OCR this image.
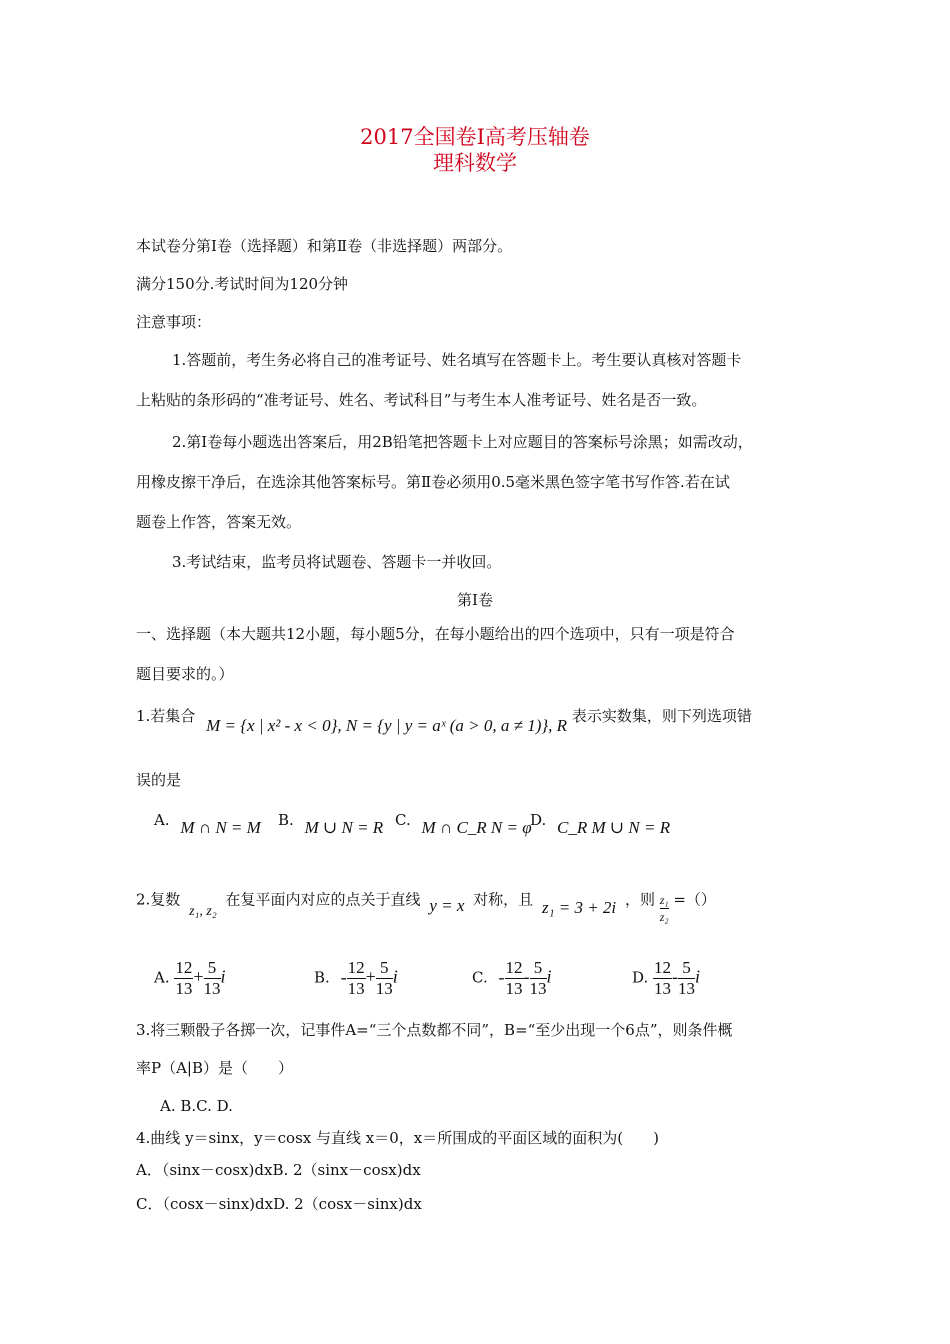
2017全国卷Ⅰ高考压轴卷
理科数学
本试卷分第Ⅰ卷（选择题）和第Ⅱ卷（非选择题）两部分。
满分150分.考试时间为120分钟
注意事项：
1.答题前，考生务必将自己的准考证号、姓名填写在答题卡上。考生要认真核对答题卡
上粘贴的条形码的“准考证号、姓名、考试科目”与考生本人准考证号、姓名是否一致。
2.第Ⅰ卷每小题选出答案后，用2B铅笔把答题卡上对应题目的答案标号涂黑；如需改动，
用橡皮擦干净后，在选涂其他答案标号。第Ⅱ卷必须用0.5毫米黑色签字笔书写作答.若在试
题卷上作答，答案无效。
3.考试结束，监考员将试题卷、答题卡一并收回。
第Ⅰ卷
一、选择题（本大题共12小题，每小题5分，在每小题给出的四个选项中，只有一项是符合
题目要求的。）
1.若集合 M = {x | x² - x < 0}, N = {y | y = aˣ (a > 0, a ≠ 1)}, R 表示实数集，则下列选项错
误的是
A. M ∩ N = M B. M ∪ N = R C. M ∩ C_R N = φ
D. C_R M ∪ N = R
2.复数 z₁, z₂ 在复平面内对应的点关于直线 y = x 对称，且 z₁ = 3 + 2i ，则 $\frac{\text{z₁}}{\text{z₂}}$ =（）
A. $\frac{12}{13} + \frac{5}{13}$ i	B. - $\frac{12}{13} + \frac{5}{13}$ i	C. - $\frac{12}{13} - \frac{5}{13}$ i	D. $\frac{12}{13} - \frac{5}{13}$ i
3.将三颗骰子各掷一次，记事件A=“三个点数都不同”，B=“至少出现一个6点”，则条件概
率P（A|B）是（　　）
A. B.C. D.
4.曲线 y＝sinx，y＝cosx 与直线 x＝0，x＝所围成的平面区域的面积为(　　)
A．（sinx－cosx)dxB. 2（sinx－cosx)dx
C．（cosx－sinx)dxD. 2（cosx－sinx)dx
